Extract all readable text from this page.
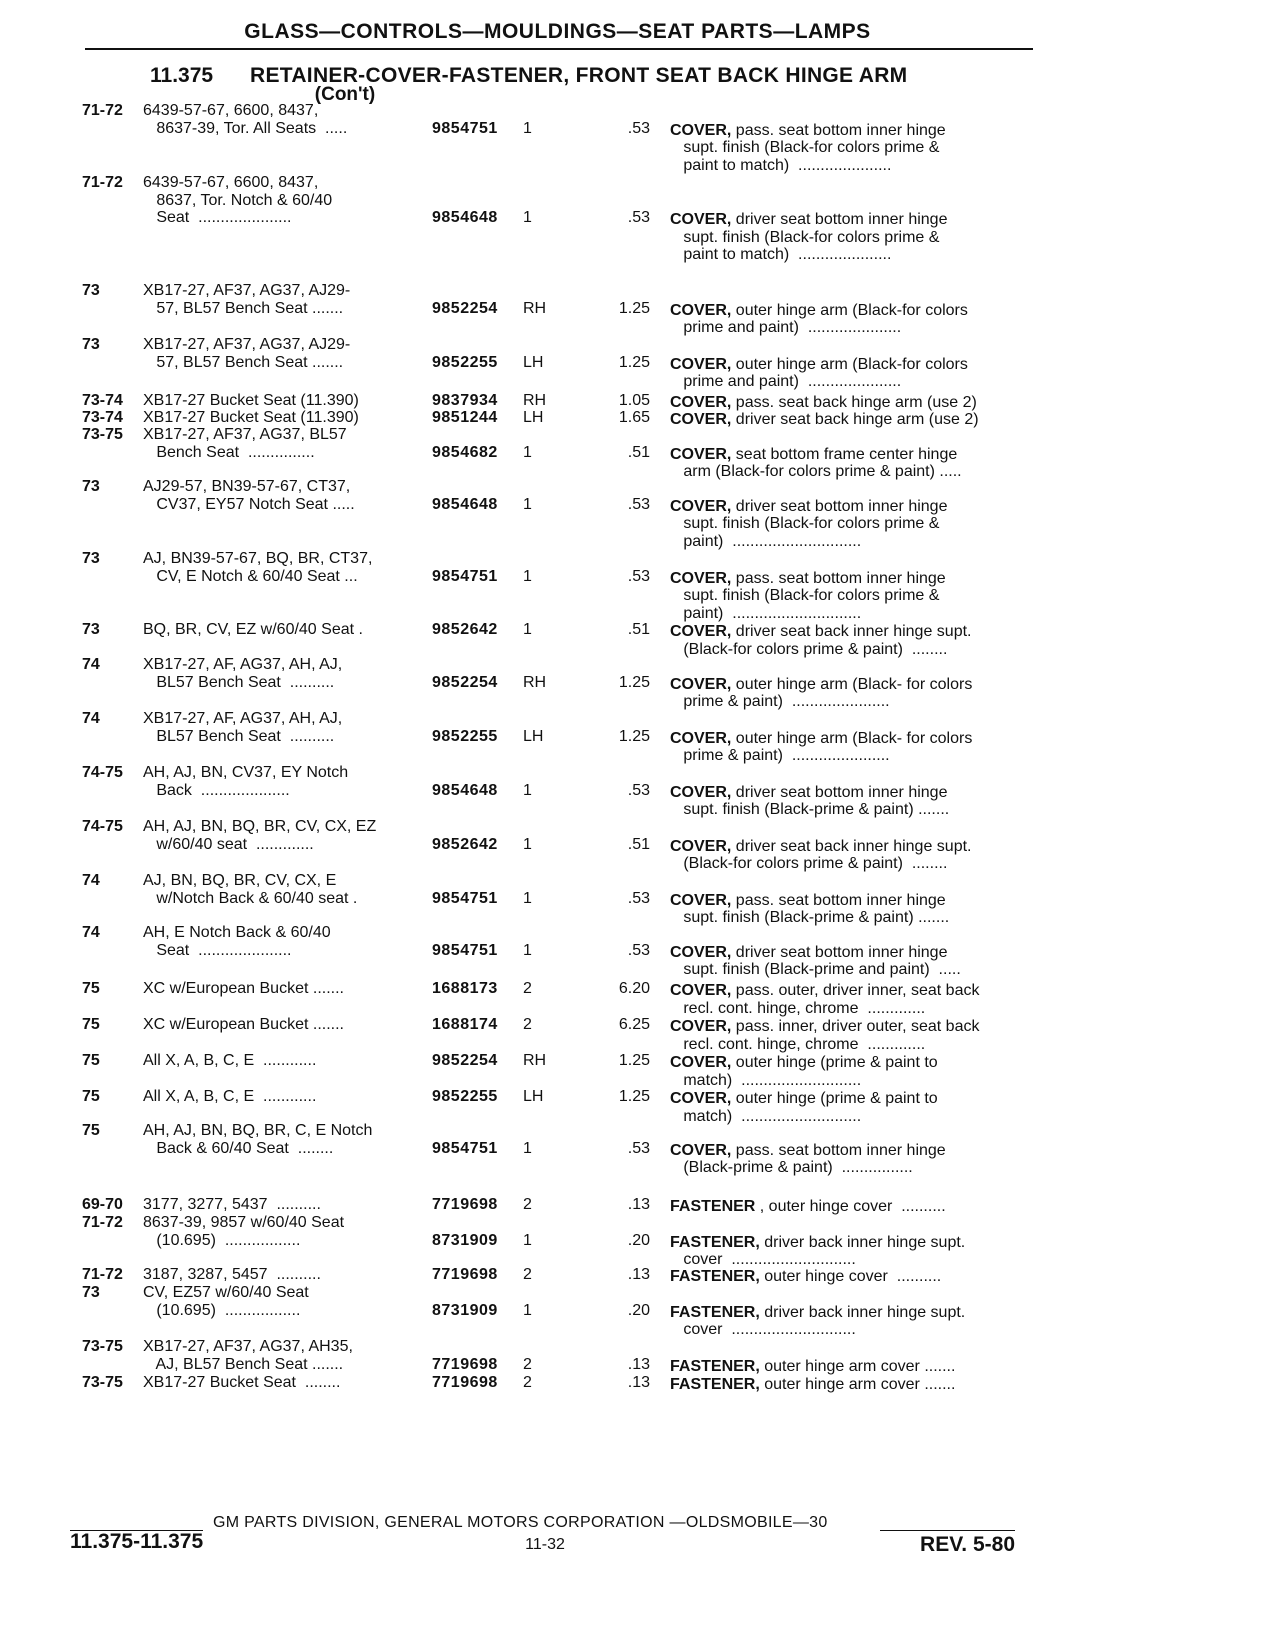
GLASS—CONTROLS—MOULDINGS—SEAT PARTS—LAMPS
11.375 RETAINER-COVER-FASTENER, FRONT SEAT BACK HINGE ARM
(Con't)
71-72	6439-57-67, 6600, 8437,
8637-39, Tor. All Seats  .....	9854751	1	.53 COVER, pass. seat bottom inner hinge
supt. finish (Black-for colors prime &
paint to match)  .....................
71-72	6439-57-67, 6600, 8437,
8637, Tor. Notch & 60/40
Seat  .....................	9854648	1	.53 COVER, driver seat bottom inner hinge
supt. finish (Black-for colors prime &
paint to match)  .....................
73	XB17-27, AF37, AG37, AJ29-
57, BL57 Bench Seat .......	9852254	RH	1.25 COVER, outer hinge arm (Black-for colors
prime and paint)  .....................
73	XB17-27, AF37, AG37, AJ29-
57, BL57 Bench Seat .......	9852255	LH	1.25 COVER, outer hinge arm (Black-for colors
prime and paint)  .....................
73-74	XB17-27 Bucket Seat (11.390)	9837934	RH	1.05 COVER, pass. seat back hinge arm (use 2)
73-74	XB17-27 Bucket Seat (11.390)	9851244	LH	1.65 COVER, driver seat back hinge arm (use 2)
73-75	XB17-27, AF37, AG37, BL57
Bench Seat  ...............	9854682	1	.51 COVER, seat bottom frame center hinge
arm (Black-for colors prime & paint) .....
73	AJ29-57, BN39-57-67, CT37,
CV37, EY57 Notch Seat .....	9854648	1	.53 COVER, driver seat bottom inner hinge
supt. finish (Black-for colors prime &
paint)  .............................
73	AJ, BN39-57-67, BQ, BR, CT37,
CV, E Notch & 60/40 Seat ...	9854751	1	.53 COVER, pass. seat bottom inner hinge
supt. finish (Black-for colors prime &
paint)  .............................
73	BQ, BR, CV, EZ w/60/40 Seat .	9852642	1	.51 COVER, driver seat back inner hinge supt.
(Black-for colors prime & paint)  ........
74	XB17-27, AF, AG37, AH, AJ,
BL57 Bench Seat  ..........	9852254	RH	1.25 COVER, outer hinge arm (Black- for colors
prime & paint)  ......................
74	XB17-27, AF, AG37, AH, AJ,
BL57 Bench Seat  ..........	9852255	LH	1.25 COVER, outer hinge arm (Black- for colors
prime & paint)  ......................
74-75	AH, AJ, BN, CV37, EY Notch
Back  ....................	9854648	1	.53 COVER, driver seat bottom inner hinge
supt. finish (Black-prime & paint) .......
74-75	AH, AJ, BN, BQ, BR, CV, CX, EZ
w/60/40 seat  .............	9852642	1	.51 COVER, driver seat back inner hinge supt.
(Black-for colors prime & paint)  ........
74	AJ, BN, BQ, BR, CV, CX, E
w/Notch Back & 60/40 seat .	9854751	1	.53 COVER, pass. seat bottom inner hinge
supt. finish (Black-prime & paint) .......
74	AH, E Notch Back & 60/40
Seat  .....................	9854751	1	.53 COVER, driver seat bottom inner hinge
supt. finish (Black-prime and paint)  .....
75	XC w/European Bucket .......	1688173	2	6.20 COVER, pass. outer, driver inner, seat back
recl. cont. hinge, chrome  .............
75	XC w/European Bucket .......	1688174	2	6.25 COVER, pass. inner, driver outer, seat back
recl. cont. hinge, chrome  .............
75	All X, A, B, C, E  ............	9852254	RH	1.25 COVER, outer hinge (prime & paint to
match)  ...........................
75	All X, A, B, C, E  ............	9852255	LH	1.25 COVER, outer hinge (prime & paint to
match)  ...........................
75	AH, AJ, BN, BQ, BR, C, E Notch
Back & 60/40 Seat  ........	9854751	1	.53 COVER, pass. seat bottom inner hinge
(Black-prime & paint)  ................
69-70	3177, 3277, 5437  ..........	7719698	2	.13 FASTENER , outer hinge cover  ..........
71-72	8637-39, 9857 w/60/40 Seat
(10.695)  .................	8731909	1	.20 FASTENER, driver back inner hinge supt.
cover  ............................
71-72	3187, 3287, 5457  ..........	7719698	2	.13 FASTENER, outer hinge cover  ..........
73	CV, EZ57 w/60/40 Seat
(10.695)  .................	8731909	1	.20 FASTENER, driver back inner hinge supt.
cover  ............................
73-75	XB17-27, AF37, AG37, AH35,
AJ, BL57 Bench Seat .......	7719698	2	.13 FASTENER, outer hinge arm cover .......
73-75	XB17-27 Bucket Seat  ........	7719698	2	.13 FASTENER, outer hinge arm cover .......
GM PARTS DIVISION, GENERAL MOTORS CORPORATION —OLDSMOBILE—30
11.375-11.375	11-32	REV. 5-80
